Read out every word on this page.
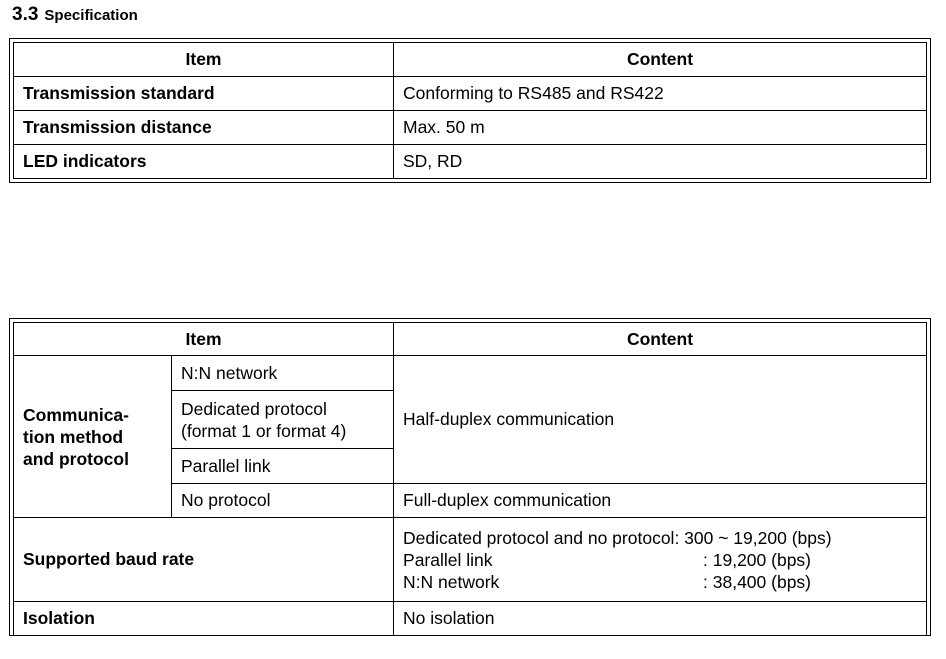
3.3 Specification
Item	Content
Transmission standard	Conforming to RS485 and RS422
Transmission distance	Max. 50 m
LED indicators	SD, RD
Item		Content

Communica-
tion method
and protocol	N:N network	Half-duplex communication

	Dedicated protocol
(format 1 or format 4)	

	Parallel link	
	No protocol	Full-duplex communication
Supported baud rate		Dedicated protocol and no protocol: 300 ~ 19,200 (bps)
Parallel link : 19,200 (bps)
N:N network : 38,400 (bps)

Isolation		No isolation
